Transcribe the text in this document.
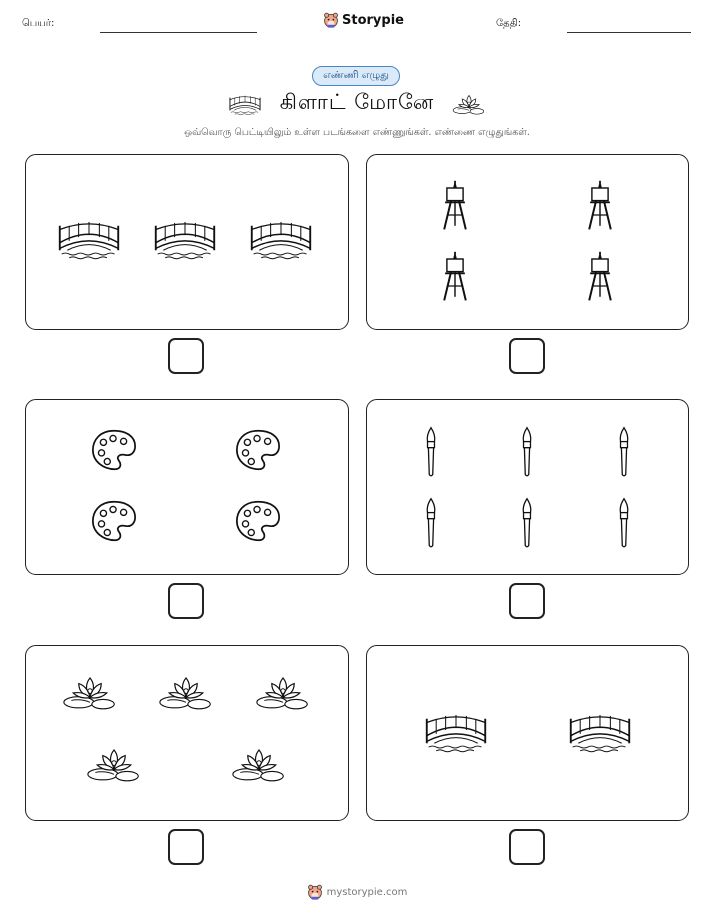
பெயர்:	Storypie	தேதி:
எண்ணி எழுது
கிளாட் மோனே
ஒவ்வொரு பெட்டியிலும் உள்ள படங்களை எண்ணுங்கள். எண்ணை எழுதுங்கள்.
mystorypie.com
